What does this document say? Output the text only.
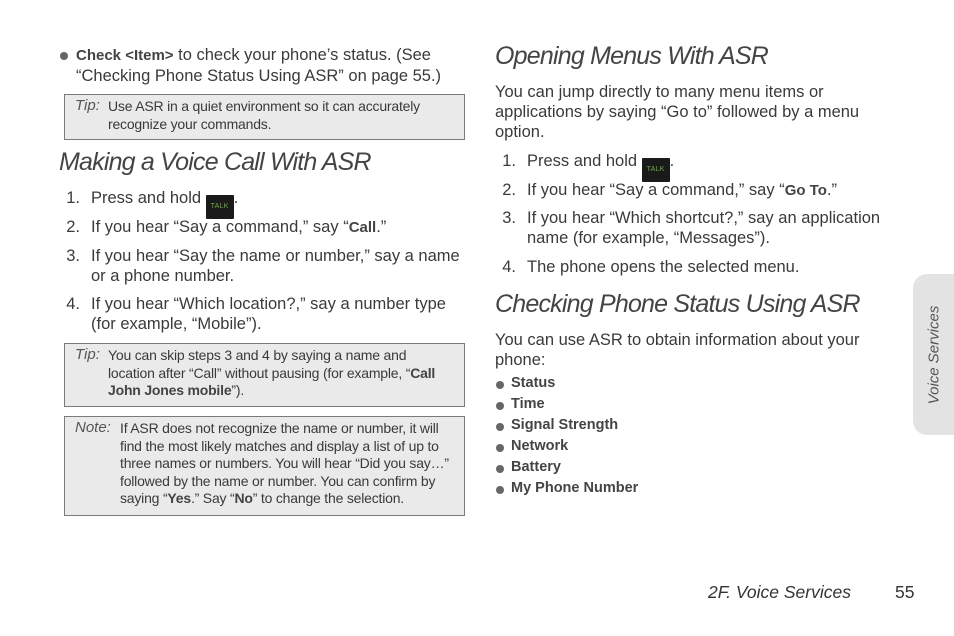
Check <Item> to check your phone’s status. (See
“Checking Phone Status Using ASR” on page 55.)
Tip: Use ASR in a quiet environment so it can accurately
recognize your commands.
Making a Voice Call With ASR
1. Press and hold TALK .
2. If you hear “Say a command,” say “Call.”
3. If you hear “Say the name or number,” say a name
or a phone number.
4. If you hear “Which location?,” say a number type
(for example, “Mobile”).
Tip: You can skip steps 3 and 4 by saying a name and
location after “Call” without pausing (for example, “Call
John Jones mobile”).
Note: If ASR does not recognize the name or number, it will
find the most likely matches and display a list of up to
three names or numbers. You will hear “Did you say…”
followed by the name or number. You can confirm by
saying “Yes.” Say “No” to change the selection.
Opening Menus With ASR
You can jump directly to many menu items or
applications by saying “Go to” followed by a menu
option.
1. Press and hold TALK .
2. If you hear “Say a command,” say “Go To.”
3. If you hear “Which shortcut?,” say an application
name (for example, “Messages”).
4. The phone opens the selected menu.
Checking Phone Status Using ASR
You can use ASR to obtain information about your
phone:
Status
Time
Signal Strength
Network
Battery
My Phone Number
Voice Services
2F. Voice Services	55
